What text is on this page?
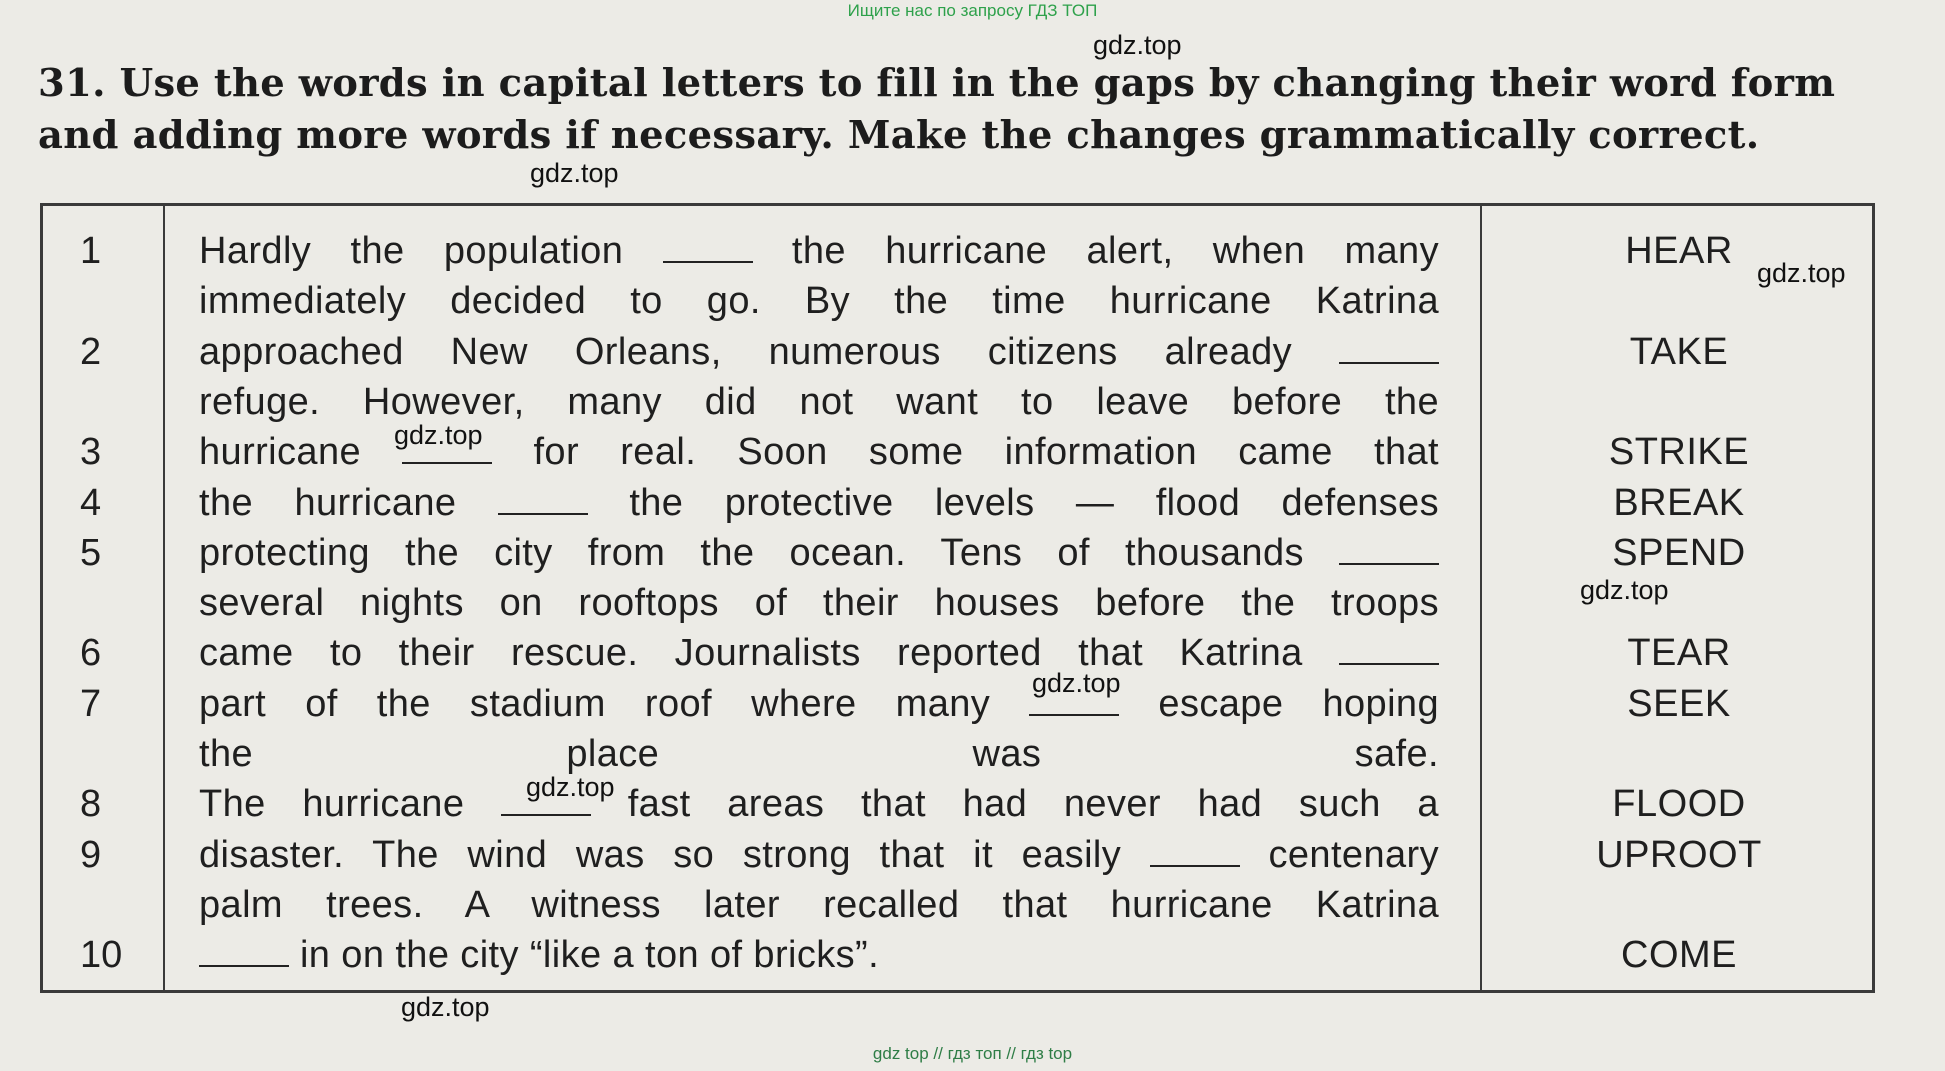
Ищите нас по запросу ГДЗ ТОП
31. Use the words in capital letters to fill in the gaps by changing their word form
and adding more words if necessary. Make the changes grammatically correct.
1	Hardly the population	the hurricane alert, when many	HEAR
immediately decided to go. By the time hurricane Katrina
2	approached New Orleans, numerous citizens already	TAKE
refuge. However, many did not want to leave before the
3	hurricane	for real. Soon some information came that	STRIKE
4	the hurricane	the protective levels — flood defenses	BREAK
5	protecting the city from the ocean. Tens of thousands	SPEND
several nights on rooftops of their houses before the troops
6	came to their rescue. Journalists reported that Katrina	TEAR
7	part of the stadium roof where many	escape hoping	SEEK
the place was safe.
8	The hurricane	fast areas that had never had such a	FLOOD
9	disaster. The wind was so strong that it easily	centenary	UPROOT
palm trees. A witness later recalled that hurricane Katrina
10	in on the city “like a ton of bricks”.	COME
gdz.top
gdz.top
gdz.top
gdz.top
gdz.top
gdz.top
gdz.top
gdz.top
gdz top // гдз топ // гдз top
